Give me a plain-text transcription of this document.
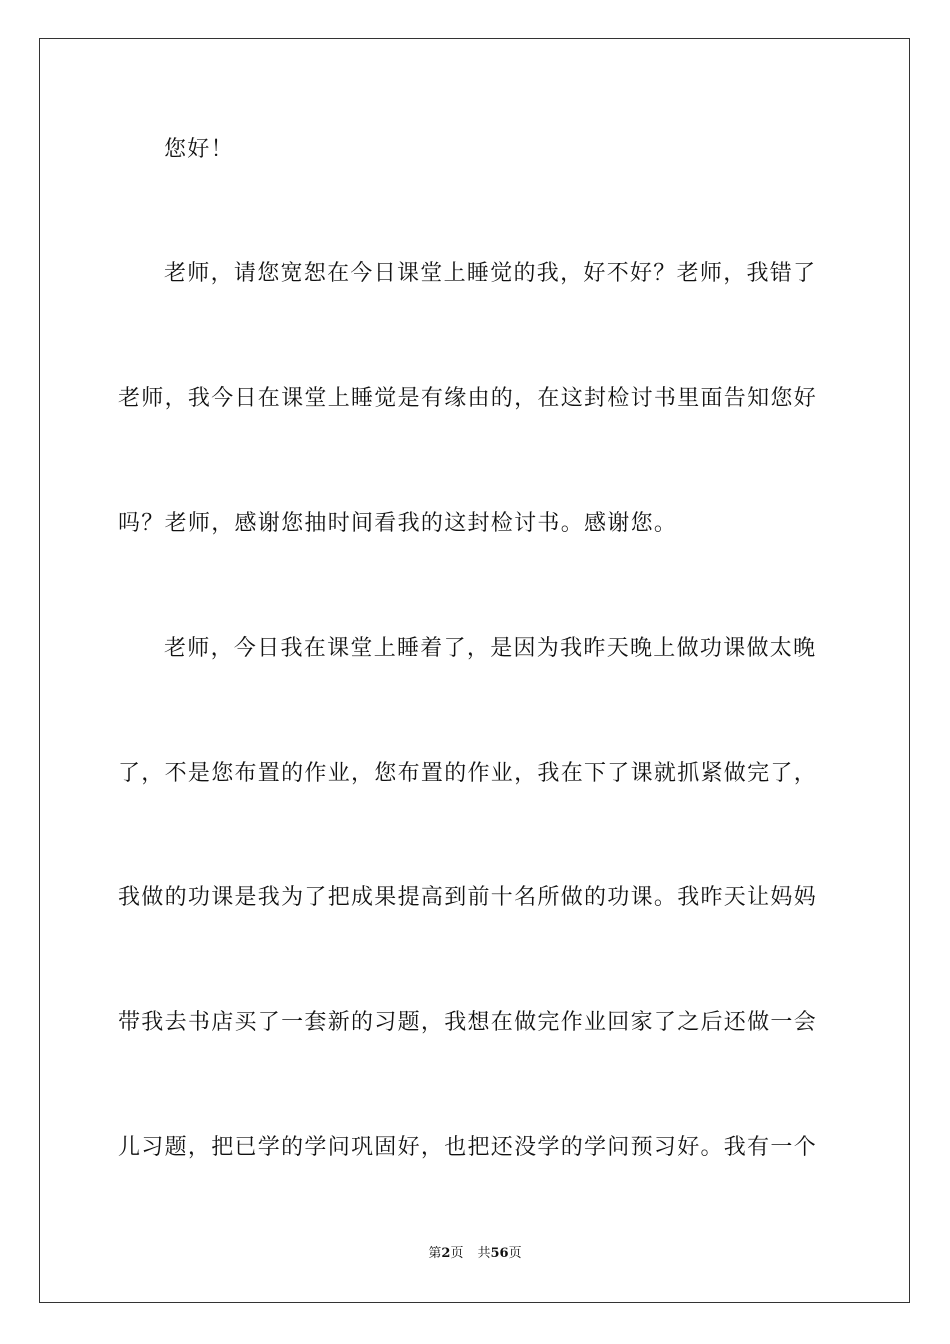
您好！
老师，请您宽恕在今日课堂上睡觉的我，好不好？老师，我错了
老师，我今日在课堂上睡觉是有缘由的，在这封检讨书里面告知您好
吗？老师，感谢您抽时间看我的这封检讨书。感谢您。
老师，今日我在课堂上睡着了，是因为我昨天晚上做功课做太晚
了，不是您布置的作业，您布置的作业，我在下了课就抓紧做完了，
我做的功课是我为了把成果提高到前十名所做的功课。我昨天让妈妈
带我去书店买了一套新的习题，我想在做完作业回家了之后还做一会
儿习题，把已学的学问巩固好，也把还没学的学问预习好。我有一个
第2页 共56页
